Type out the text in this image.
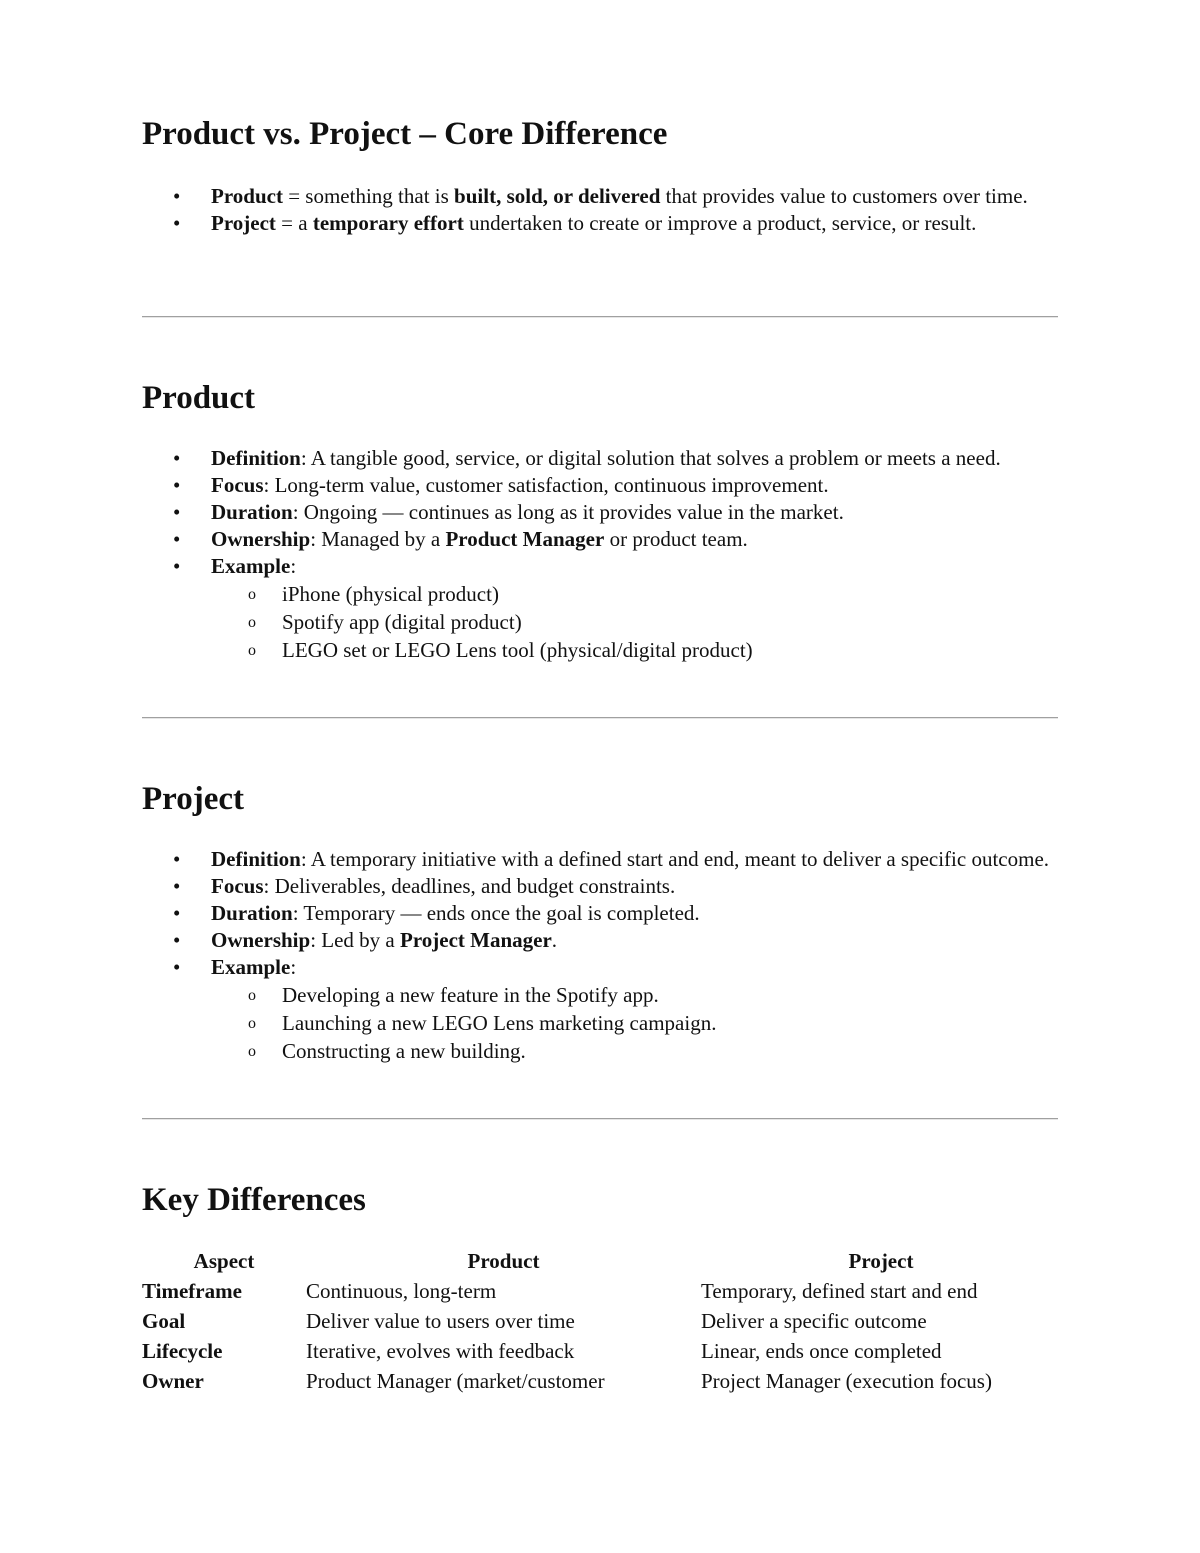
Product vs. Project – Core Difference
• Product = something that is built, sold, or delivered that provides value to customers over time.
• Project = a temporary effort undertaken to create or improve a product, service, or result.
Product
• Definition: A tangible good, service, or digital solution that solves a problem or meets a need.
• Focus: Long-term value, customer satisfaction, continuous improvement.
• Duration: Ongoing — continues as long as it provides value in the market.
• Ownership: Managed by a Product Manager or product team.
• Example:
o iPhone (physical product)
o Spotify app (digital product)
o LEGO set or LEGO Lens tool (physical/digital product)
Project
• Definition: A temporary initiative with a defined start and end, meant to deliver a specific outcome.
• Focus: Deliverables, deadlines, and budget constraints.
• Duration: Temporary — ends once the goal is completed.
• Ownership: Led by a Project Manager.
• Example:
o Developing a new feature in the Spotify app.
o Launching a new LEGO Lens marketing campaign.
o Constructing a new building.
Key Differences
Aspect	Product	Project
Timeframe	Continuous, long-term	Temporary, defined start and end
Goal	Deliver value to users over time	Deliver a specific outcome
Lifecycle	Iterative, evolves with feedback	Linear, ends once completed
Owner	Product Manager (market/customer	Project Manager (execution focus)
